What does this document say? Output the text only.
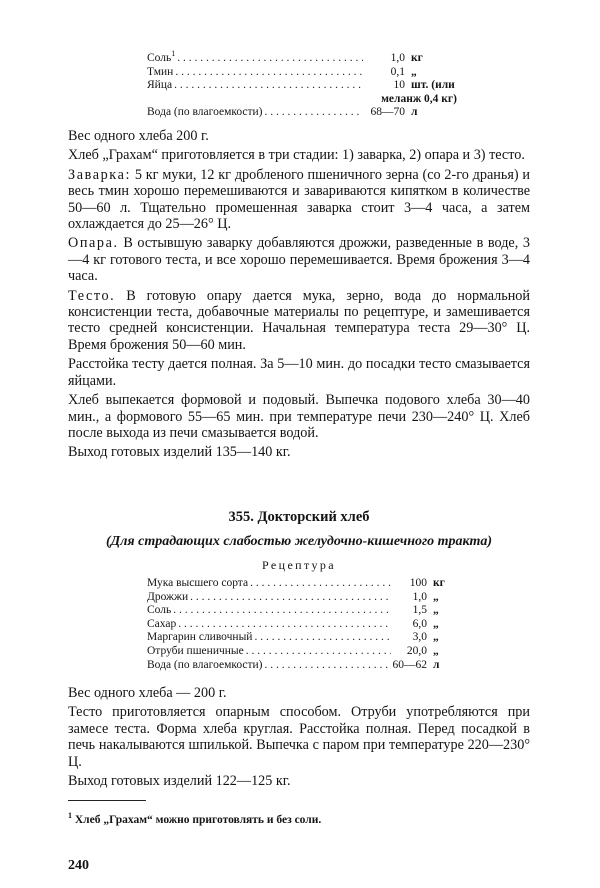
Соль$^1$ . . .	1,0 кг
Тмин . . .	0,1 „
Яйца . . .	10 шт. (или
меланж 0,4 кг)
Вода (по влагоемкости) . . .	68—70 л

Вес одного хлеба 200 г.

Хлеб „Грахам“ приготовляется в три стадии: 1) заварка, 2) опара и 3) тесто.

Заварка: 5 кг муки, 12 кг дробленого пшеничного зерна (со 2-го дранья) и весь тмин хорошо перемешиваются и завариваются кипятком в количестве 50—60 л. Тщательно промешенная заварка стоит 3—4 часа, а затем охлаждается до 25—26° Ц.

Опара. В остывшую заварку добавляются дрожжи, разведенные в воде, 3—4 кг готового теста, и все хорошо перемешивается. Время брожения 3—4 часа.

Тесто. В готовую опару дается мука, зерно, вода до нормальной консистенции теста, добавочные материалы по рецептуре, и замешивается тесто средней консистенции. Начальная температура теста 29—30° Ц. Время брожения 50—60 мин.

Расстойка тесту дается полная. За 5—10 мин. до посадки тесто смазывается яйцами.

Хлеб выпекается формовой и подовый. Выпечка подового хлеба 30—40 мин., а формового 55—65 мин. при температуре печи 230—240° Ц. Хлеб после выхода из печи смазывается водой.

Выход готовых изделий 135—140 кг.

355. Докторский хлеб
(Для страдающих слабостью желудочно-кишечного тракта)
Рецептура
Мука высшего сорта . . .	100 кг
Дрожжи . . .	1,0 „
Соль . . .	1,5 „
Сахар . . .	6,0 „
Маргарин сливочный . . .	3,0 „
Отруби пшеничные . . .	20,0 „
Вода (по влагоемкости) . . .	60—62 л

Вес одного хлеба — 200 г.

Тесто приготовляется опарным способом. Отруби употребляются при замесе теста. Форма хлеба круглая. Расстойка полная. Перед посадкой в печь накалываются шпилькой. Выпечка с паром при температуре 220—230° Ц.

Выход готовых изделий 122—125 кг.

$^1$ Хлеб „Грахам“ можно приготовлять и без соли.
240
